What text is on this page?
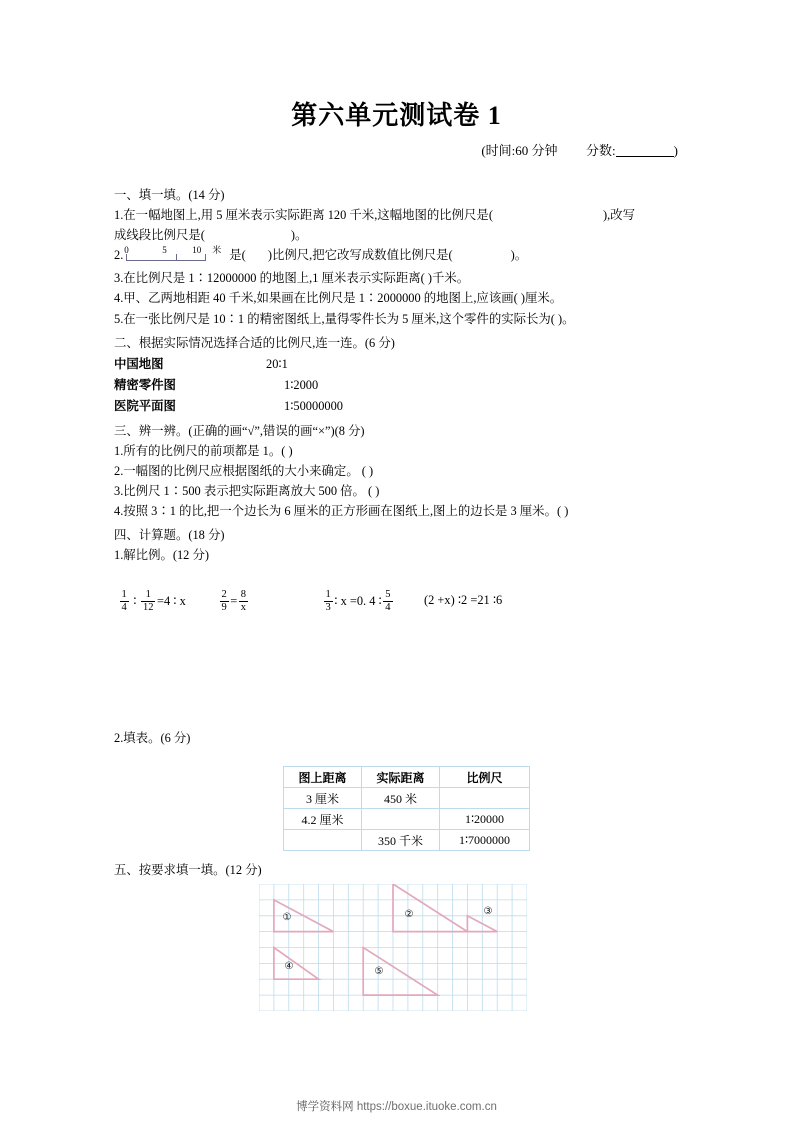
第六单元测试卷 1
(时间:60 分钟 分数:	)
一、填一填。(14 分)
1.在一幅地图上,用 5 厘米表示实际距离 120 千米,这幅地图的比例尺是(	),改写
成线段比例尺是(	)。
2. 0	5	10 米 是( )比例尺,把它改写成数值比例尺是(	)。
3.在比例尺是 1∶12000000 的地图上,1 厘米表示实际距离( )千米。
4.甲、乙两地相距 40 千米,如果画在比例尺是 1∶2000000 的地图上,应该画( )厘米。
5.在一张比例尺是 10∶1 的精密图纸上,量得零件长为 5 厘米,这个零件的实际长为( )。
二、根据实际情况选择合适的比例尺,连一连。(6 分)
中国地图	20∶1
精密零件图	1∶2000
医院平面图	1∶50000000
三、辨一辨。(正确的画“√”,错误的画“×”)(8 分)
1.所有的比例尺的前项都是 1。( )
2.一幅图的比例尺应根据图纸的大小来确定。 ( )
3.比例尺 1∶500 表示把实际距离放大 500 倍。 ( )
4.按照 3∶1 的比,把一个边长为 6 厘米的正方形画在图纸上,图上的边长是 3 厘米。( )
四、计算题。(18 分)
1.解比例。(12 分)
$\frac{1}{4}$ ∶ $\frac{1}{12} =4$ ∶ x	$\frac{2}{9} = \frac{8}{x}$	$\frac{1}{3}$ ∶ x =0. 4 ∶ $\frac{5}{4}$	(2 +x) ∶2 =21 ∶6
2.填表。(6 分)
图上距离	实际距离	比例尺
3 厘米	450 米	
4.2 厘米		1∶20000
	350 千米	1∶7000000
五、按要求填一填。(12 分)
①	②	③
④	⑤
博学资料网 https://boxue.ituoke.com.cn
